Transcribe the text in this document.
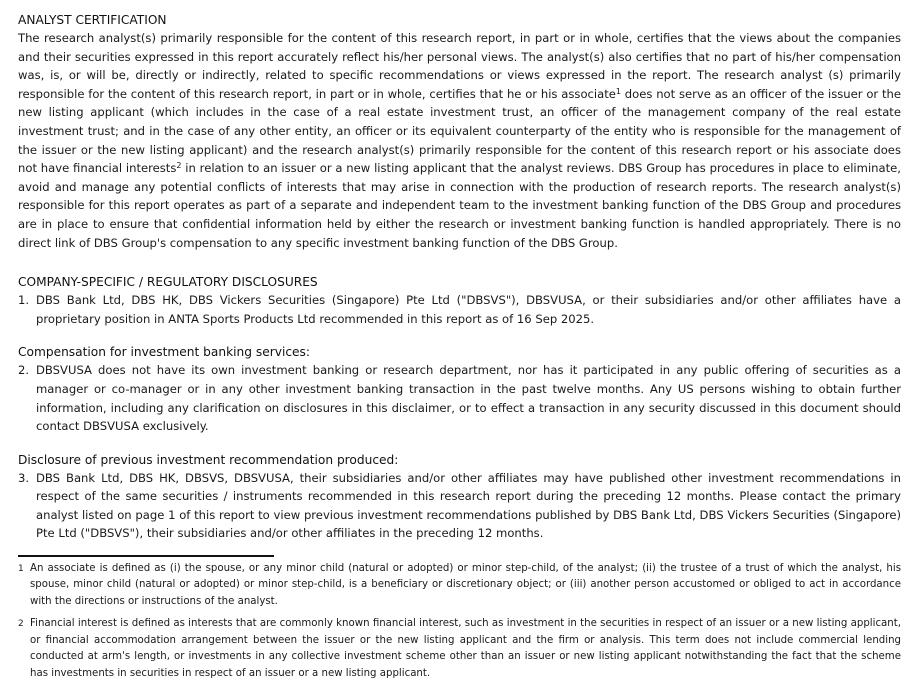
ANALYST CERTIFICATION

The research analyst(s) primarily responsible for the content of this research report, in part or in whole, certifies that the views about the companies and their securities expressed in this report accurately reflect his/her personal views. The analyst(s) also certifies that no part of his/her compensation was, is, or will be, directly or indirectly, related to specific recommendations or views expressed in the report. The research analyst (s) primarily responsible for the content of this research report, in part or in whole, certifies that he or his associate$^1$ does not serve as an officer of the issuer or the new listing applicant (which includes in the case of a real estate investment trust, an officer of the management company of the real estate investment trust; and in the case of any other entity, an officer or its equivalent counterparty of the entity who is responsible for the management of the issuer or the new listing applicant) and the research analyst(s) primarily responsible for the content of this research report or his associate does not have financial interests$^2$ in relation to an issuer or a new listing applicant that the analyst reviews. DBS Group has procedures in place to eliminate, avoid and manage any potential conflicts of interests that may arise in connection with the production of research reports. The research analyst(s) responsible for this report operates as part of a separate and independent team to the investment banking function of the DBS Group and procedures are in place to ensure that confidential information held by either the research or investment banking function is handled appropriately. There is no direct link of DBS Group's compensation to any specific investment banking function of the DBS Group.

COMPANY-SPECIFIC / REGULATORY DISCLOSURES
1. DBS Bank Ltd, DBS HK, DBS Vickers Securities (Singapore) Pte Ltd ("DBSVS"), DBSVUSA, or their subsidiaries and/or other affiliates have a proprietary position in ANTA Sports Products Ltd recommended in this report as of 16 Sep 2025.
Compensation for investment banking services:
2. DBSVUSA does not have its own investment banking or research department, nor has it participated in any public offering of securities as a manager or co-manager or in any other investment banking transaction in the past twelve months. Any US persons wishing to obtain further information, including any clarification on disclosures in this disclaimer, or to effect a transaction in any security discussed in this document should contact DBSVUSA exclusively.
Disclosure of previous investment recommendation produced:
3. DBS Bank Ltd, DBS HK, DBSVS, DBSVUSA, their subsidiaries and/or other affiliates may have published other investment recommendations in respect of the same securities / instruments recommended in this research report during the preceding 12 months. Please contact the primary analyst listed on page 1 of this report to view previous investment recommendations published by DBS Bank Ltd, DBS Vickers Securities (Singapore) Pte Ltd ("DBSVS"), their subsidiaries and/or other affiliates in the preceding 12 months.
1 An associate is defined as (i) the spouse, or any minor child (natural or adopted) or minor step-child, of the analyst; (ii) the trustee of a trust of which the analyst, his spouse, minor child (natural or adopted) or minor step-child, is a beneficiary or discretionary object; or (iii) another person accustomed or obliged to act in accordance with the directions or instructions of the analyst.
2 Financial interest is defined as interests that are commonly known financial interest, such as investment in the securities in respect of an issuer or a new listing applicant, or financial accommodation arrangement between the issuer or the new listing applicant and the firm or analysis. This term does not include commercial lending conducted at arm's length, or investments in any collective investment scheme other than an issuer or new listing applicant notwithstanding the fact that the scheme has investments in securities in respect of an issuer or a new listing applicant.
